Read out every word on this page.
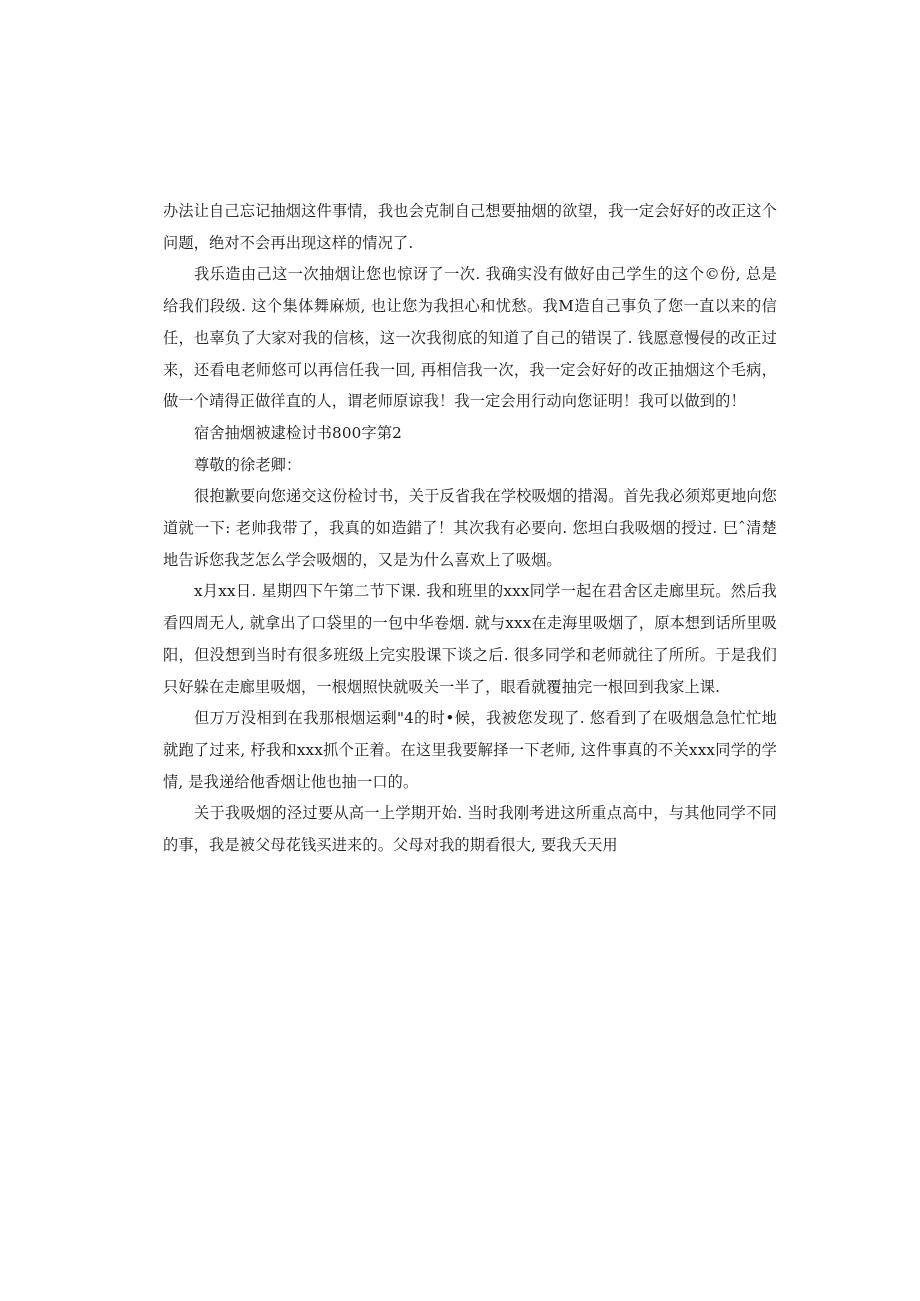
办法让自己忘记抽烟这件事情，我也会克制自己想要抽烟的欲望，我一定会好好的改正这个问题，绝对不会再出现这样的情况了.

我乐造由己这一次抽烟让您也惊讶了一次. 我确实没有做好由己学生的这个©份, 总是给我们段级. 这个集体舞麻烦, 也让您为我担心和忧愁。我M造自己事负了您一直以来的信任，也辜负了大家对我的信核，这一次我彻底的知道了自己的错误了. 钱愿意慢侵的改正过来，还看电老师悠可以再信任我一回, 再相信我一次，我一定会好好的改正抽烟这个毛病，做一个靖得正做徉直的人，谓老师原谅我！我一定会用行动向您证明！我可以做到的！

宿舍抽烟被逮检讨书800字第2

尊敬的徐老卿：

很抱歉要向您递交这份检讨书，关于反省我在学校吸烟的措渴。首先我必须郑更地向您道就一下: 老帅我带了，我真的如造錯了！其次我有必要向. 您坦白我吸烟的授过. 巳ˆ清楚地告诉您我芝怎么学会吸烟的，又是为什么喜欢上了吸烟。

x月xx日. 星期四下午第二节下课. 我和班里的xxx同学一起在君舍区走廊里玩。然后我看四周无人, 就拿出了口袋里的一包中华卷烟. 就与xxx在走海里吸烟了，原本想到话所里吸阳，但没想到当时有很多班级上完实股课下谈之后. 很多同学和老师就往了所所。于是我们只好躲在走廊里吸烟，一根烟照快就吸关一半了，眼看就覆抽完一根回到我家上课.

但万万没相到在我那根烟运剩"4的时•候，我被您发现了. 悠看到了在吸烟急急忙忙地就跑了过来, 杼我和xxx抓个正着。在这里我要解择一下老师, 这件事真的不关xxx同学的学情, 是我递给他香烟让他也抽一口的。

关于我吸烟的泾过要从高一上学期开始. 当时我刚考进这所重点高中，与其他同学不同的事，我是被父母花钱买进来的。父母对我的期看很大, 要我夭天用
